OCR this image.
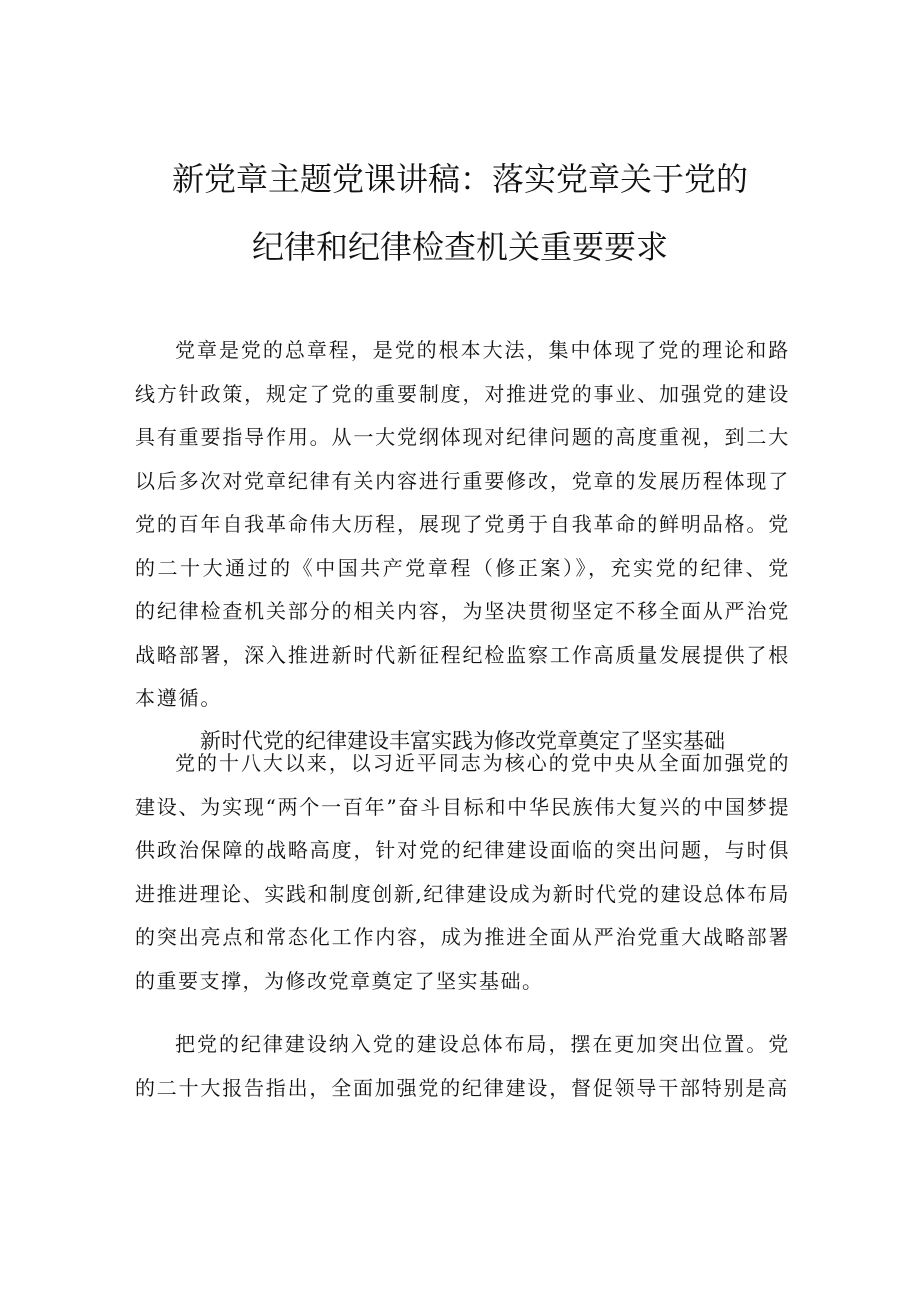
新党章主题党课讲稿：落实党章关于党的
纪律和纪律检查机关重要要求

党章是党的总章程，是党的根本大法，集中体现了党的理论和路线方针政策，规定了党的重要制度，对推进党的事业、加强党的建设具有重要指导作用。从一大党纲体现对纪律问题的高度重视，到二大以后多次对党章纪律有关内容进行重要修改，党章的发展历程体现了党的百年自我革命伟大历程，展现了党勇于自我革命的鲜明品格。党的二十大通过的《中国共产党章程（修正案）》，充实党的纪律、党的纪律检查机关部分的相关内容，为坚决贯彻坚定不移全面从严治党战略部署，深入推进新时代新征程纪检监察工作高质量发展提供了根本遵循。

新时代党的纪律建设丰富实践为修改党章奠定了坚实基础

党的十八大以来，以习近平同志为核心的党中央从全面加强党的建设、为实现“两个一百年”奋斗目标和中华民族伟大复兴的中国梦提供政治保障的战略高度，针对党的纪律建设面临的突出问题，与时俱进推进理论、实践和制度创新,纪律建设成为新时代党的建设总体布局的突出亮点和常态化工作内容，成为推进全面从严治党重大战略部署的重要支撑，为修改党章奠定了坚实基础。

把党的纪律建设纳入党的建设总体布局，摆在更加突出位置。党的二十大报告指出，全面加强党的纪律建设，督促领导干部特别是高
